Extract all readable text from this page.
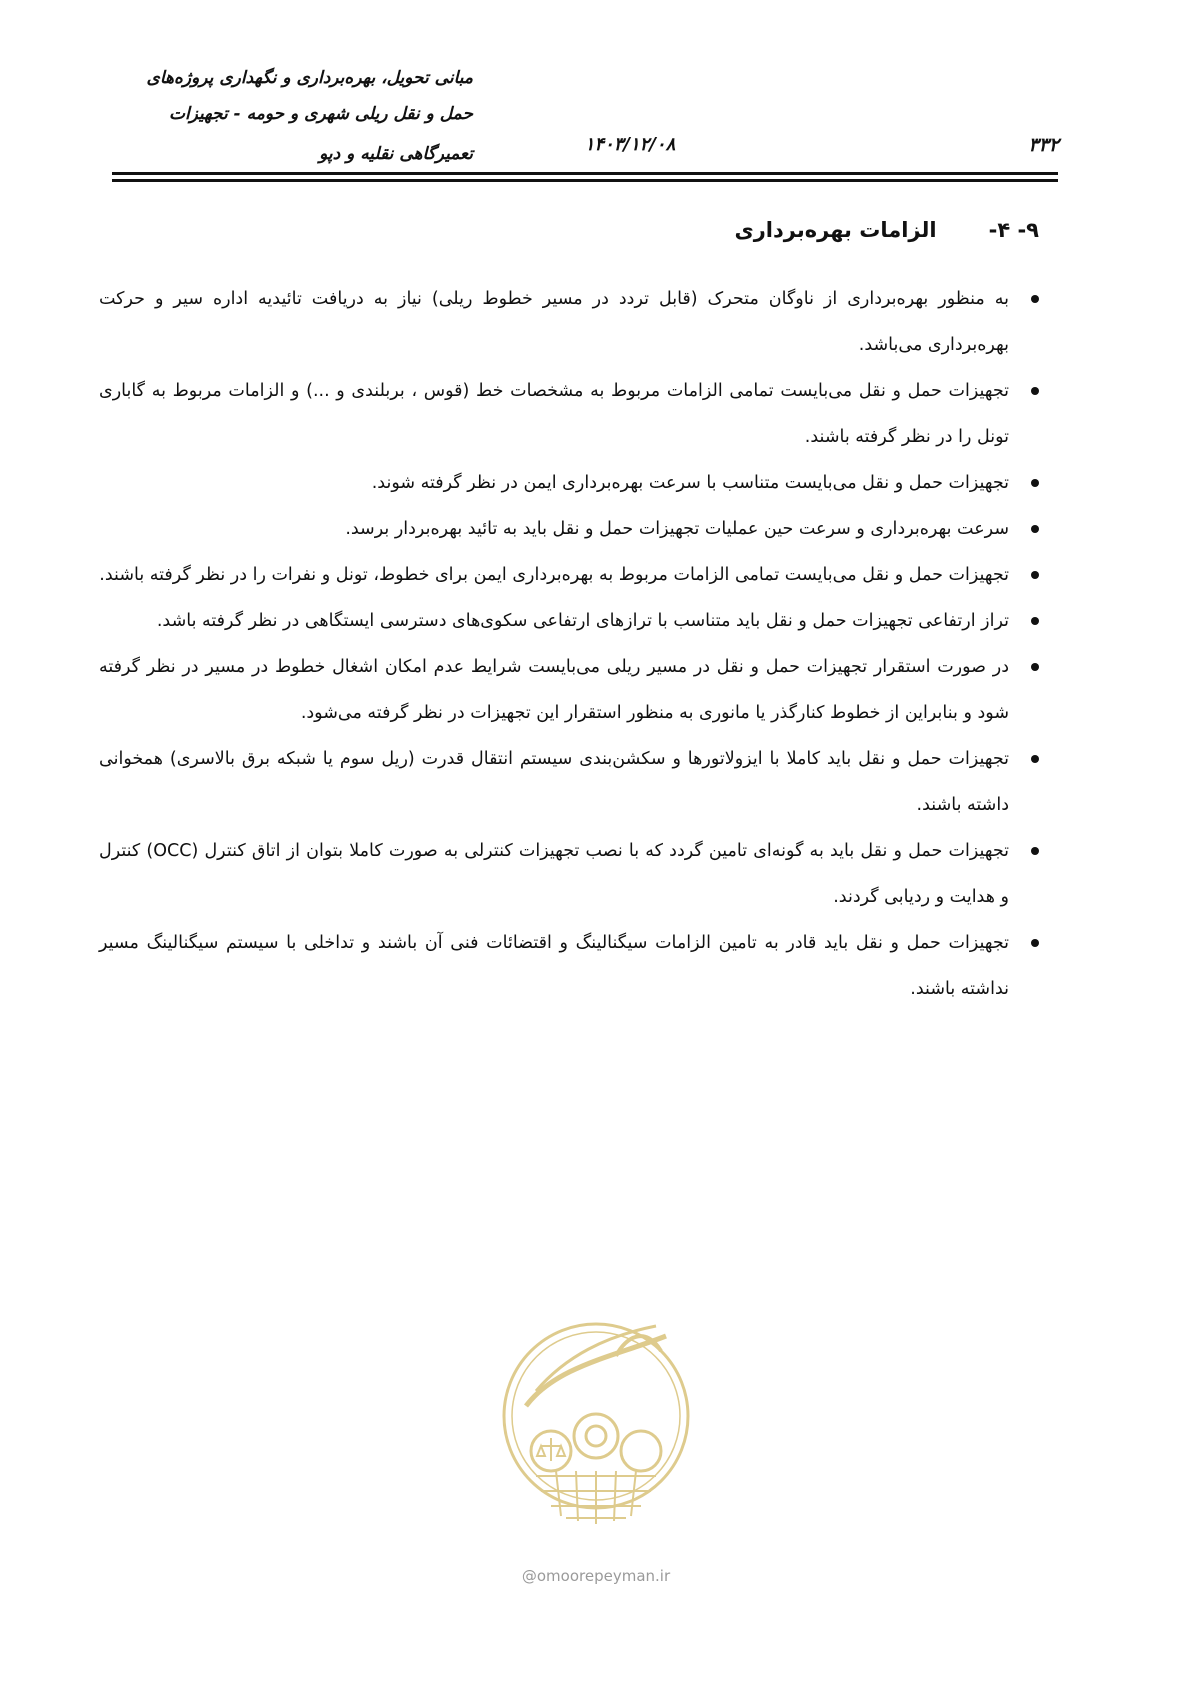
۳۳۲
۱۴۰۳/۱۲/۰۸
مبانی تحویل، بهره‌برداری و نگهداری پروژه‌های
حمل و نقل ریلی شهری و حومه - تجهیزات
تعمیرگاهی نقلیه و دپو
۹- ۴-الزامات بهره‌برداری
به منظور بهره‌برداری از ناوگان متحرک (قابل تردد در مسیر خطوط ریلی) نیاز به دریافت تائیدیه اداره سیر و حرکت بهره‌برداری می‌باشد.
تجهیزات حمل و نقل می‌بایست تمامی الزامات مربوط به مشخصات خط (قوس ، بربلندی و ...) و الزامات مربوط به گاباری تونل را در نظر گرفته باشند.
تجهیزات حمل و نقل می‌بایست متناسب با سرعت بهره‌برداری ایمن در نظر گرفته شوند.
سرعت بهره‌برداری و سرعت حین عملیات تجهیزات حمل و نقل باید به تائید بهره‌بردار برسد.
تجهیزات حمل و نقل می‌بایست تمامی الزامات مربوط به بهره‌برداری ایمن برای خطوط، تونل و نفرات را در نظر گرفته باشند.
تراز ارتفاعی تجهیزات حمل و نقل باید متناسب با ترازهای ارتفاعی سکوی‌های دسترسی ایستگاهی در نظر گرفته باشد.
در صورت استقرار تجهیزات حمل و نقل در مسیر ریلی می‌بایست شرایط عدم امکان اشغال خطوط در مسیر در نظر گرفته شود و بنابراین از خطوط کنارگذر یا مانوری به منظور استقرار این تجهیزات در نظر گرفته می‌شود.
تجهیزات حمل و نقل باید کاملا با ایزولاتورها و سکشن‌بندی سیستم انتقال قدرت (ریل سوم یا شبکه برق بالاسری) همخوانی داشته باشند.
تجهیزات حمل و نقل باید به گونه‌ای تامین گردد که با نصب تجهیزات کنترلی به صورت کاملا بتوان از اتاق کنترل (OCC) کنترل و هدایت و ردیابی گردند.
تجهیزات حمل و نقل باید قادر به تامین الزامات سیگنالینگ و اقتضائات فنی آن باشند و تداخلی با سیستم سیگنالینگ مسیر نداشته باشند.
@omoorepeyman.ir
